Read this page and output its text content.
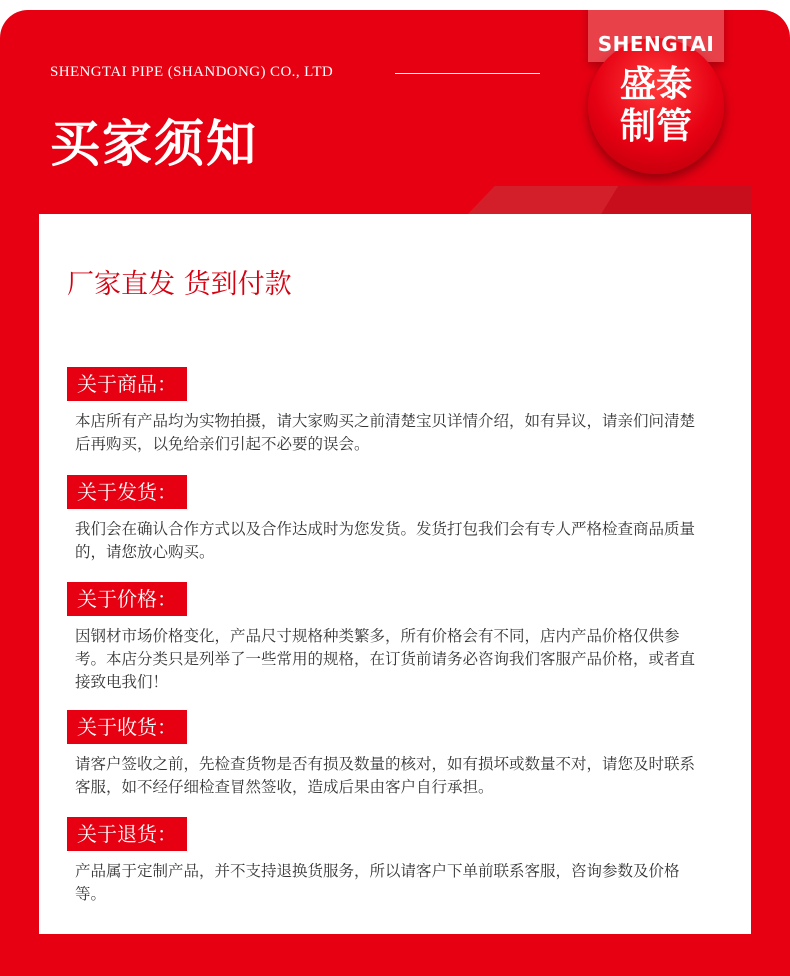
SHENGTAI PIPE (SHANDONG) CO., LTD
买家须知
SHENGTAI
盛泰
制管
厂家直发 货到付款
关于商品：
本店所有产品均为实物拍摄，请大家购买之前清楚宝贝详情介绍，如有异议，请亲们问清楚后再购买，以免给亲们引起不必要的误会。
关于发货：
我们会在确认合作方式以及合作达成时为您发货。发货打包我们会有专人严格检查商品质量的，请您放心购买。
关于价格：
因钢材市场价格变化，产品尺寸规格种类繁多，所有价格会有不同，店内产品价格仅供参考。本店分类只是列举了一些常用的规格，在订货前请务必咨询我们客服产品价格，或者直接致电我们！
关于收货：
请客户签收之前，先检查货物是否有损及数量的核对，如有损坏或数量不对，请您及时联系客服，如不经仔细检查冒然签收，造成后果由客户自行承担。
关于退货：
产品属于定制产品，并不支持退换货服务，所以请客户下单前联系客服，咨询参数及价格等。
